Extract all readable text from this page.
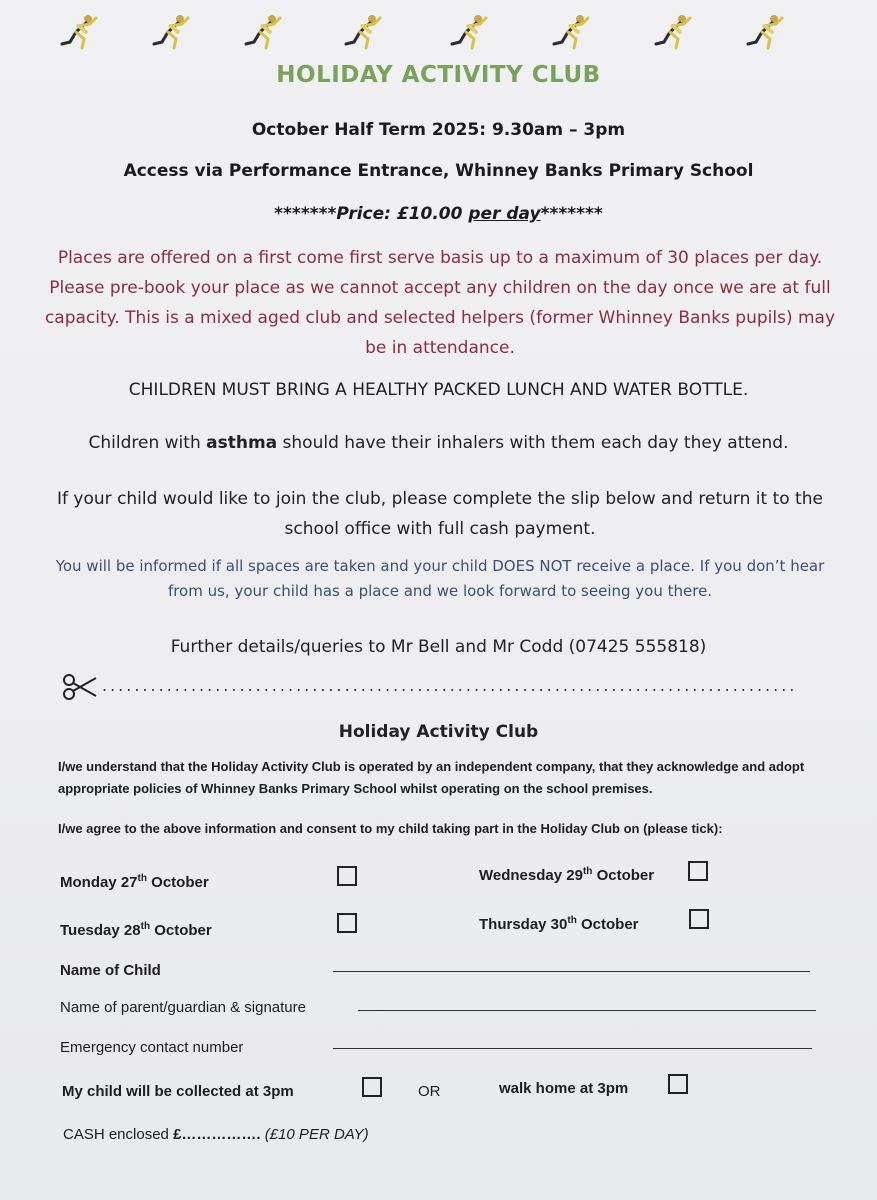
HOLIDAY ACTIVITY CLUB
October Half Term 2025: 9.30am – 3pm
Access via Performance Entrance, Whinney Banks Primary School
*******Price: £10.00 per day*******
Places are offered on a first come first serve basis up to a maximum of 30 places per day. Please pre-book your place as we cannot accept any children on the day once we are at full capacity. This is a mixed aged club and selected helpers (former Whinney Banks pupils) may be in attendance.
CHILDREN MUST BRING A HEALTHY PACKED LUNCH AND WATER BOTTLE.
Children with asthma should have their inhalers with them each day they attend.
If your child would like to join the club, please complete the slip below and return it to the school office with full cash payment.
You will be informed if all spaces are taken and your child DOES NOT receive a place. If you don’t hear from us, your child has a place and we look forward to seeing you there.
Further details/queries to Mr Bell and Mr Codd (07425 555818)
......................................................................................
Holiday Activity Club
I/we understand that the Holiday Activity Club is operated by an independent company, that they acknowledge and adopt appropriate policies of Whinney Banks Primary School whilst operating on the school premises.
I/we agree to the above information and consent to my child taking part in the Holiday Club on (please tick):
Monday 27th October	Wednesday 29th October
Tuesday 28th October	Thursday 30th October
Name of Child
Name of parent/guardian & signature
Emergency contact number
My child will be collected at 3pm	OR	walk home at 3pm
CASH enclosed £……………. (£10 PER DAY)
